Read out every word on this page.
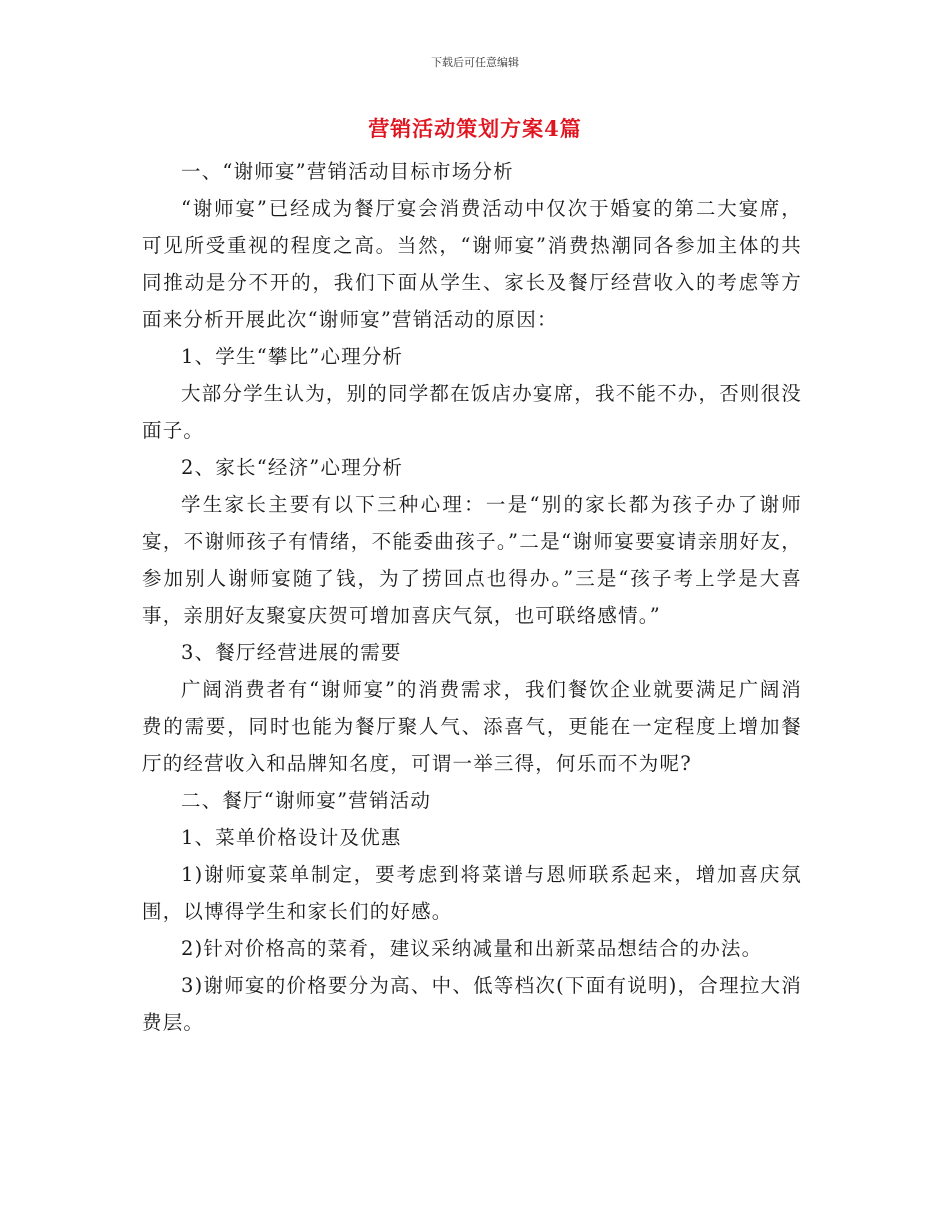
下载后可任意编辑
营销活动策划方案4篇

一、“谢师宴”营销活动目标市场分析

“谢师宴”已经成为餐厅宴会消费活动中仅次于婚宴的第二大宴席，可见所受重视的程度之高。当然，“谢师宴”消费热潮同各参加主体的共同推动是分不开的，我们下面从学生、家长及餐厅经营收入的考虑等方面来分析开展此次“谢师宴”营销活动的原因：

1、学生“攀比”心理分析

大部分学生认为，别的同学都在饭店办宴席，我不能不办，否则很没面子。

2、家长“经济”心理分析

学生家长主要有以下三种心理：一是“别的家长都为孩子办了谢师宴，不谢师孩子有情绪，不能委曲孩子。”二是“谢师宴要宴请亲朋好友，参加别人谢师宴随了钱，为了捞回点也得办。”三是“孩子考上学是大喜事，亲朋好友聚宴庆贺可增加喜庆气氛，也可联络感情。”

3、餐厅经营进展的需要

广阔消费者有“谢师宴”的消费需求，我们餐饮企业就要满足广阔消费的需要，同时也能为餐厅聚人气、添喜气，更能在一定程度上增加餐厅的经营收入和品牌知名度，可谓一举三得，何乐而不为呢?

二、餐厅“谢师宴”营销活动

1、菜单价格设计及优惠

1)谢师宴菜单制定，要考虑到将菜谱与恩师联系起来，增加喜庆氛围，以博得学生和家长们的好感。

2)针对价格高的菜肴，建议采纳减量和出新菜品想结合的办法。

3)谢师宴的价格要分为高、中、低等档次(下面有说明)，合理拉大消费层。
